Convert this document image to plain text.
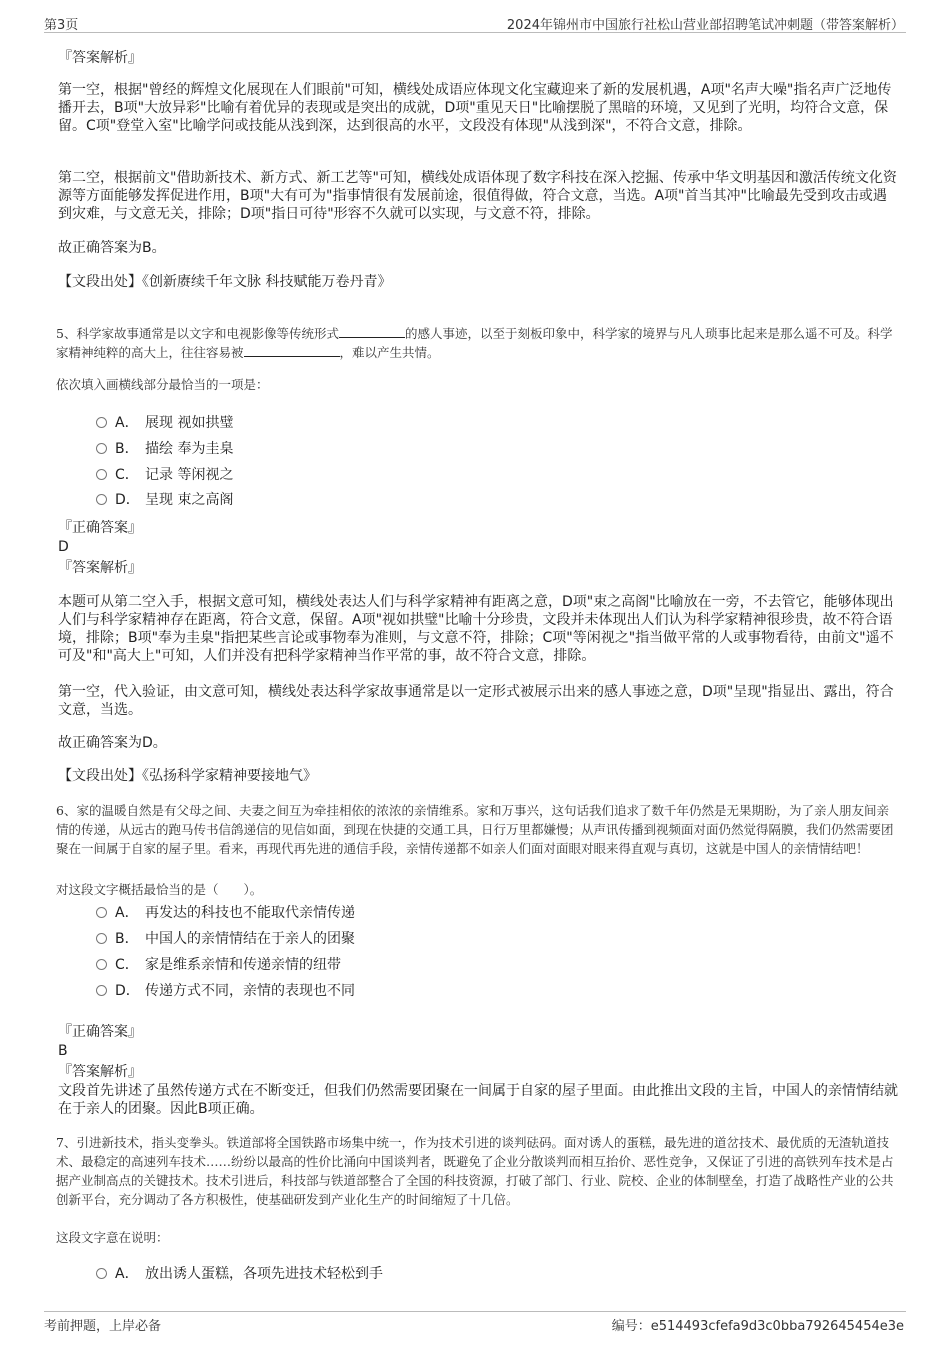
第3页	2024年锦州市中国旅行社松山营业部招聘笔试冲刺题（带答案解析）
『答案解析』

第一空，根据"曾经的辉煌文化展现在人们眼前"可知，横线处成语应体现文化宝藏迎来了新的发展机遇，A项"名声大噪"指名声广泛地传播开去，B项"大放异彩"比喻有着优异的表现或是突出的成就，D项"重见天日"比喻摆脱了黑暗的环境，又见到了光明，均符合文意，保留。C项"登堂入室"比喻学问或技能从浅到深，达到很高的水平，文段没有体现"从浅到深"，不符合文意，排除。

第二空，根据前文"借助新技术、新方式、新工艺等"可知，横线处成语体现了数字科技在深入挖掘、传承中华文明基因和激活传统文化资源等方面能够发挥促进作用，B项"大有可为"指事情很有发展前途，很值得做，符合文意，当选。A项"首当其冲"比喻最先受到攻击或遇到灾难，与文意无关，排除；D项"指日可待"形容不久就可以实现，与文意不符，排除。

故正确答案为B。
【文段出处】《创新赓续千年文脉 科技赋能万卷丹青》

5、科学家故事通常是以文字和电视影像等传统形式	的感人事迹，以至于刻板印象中，科学家的境界与凡人琐事比起来是那么遥不可及。科学家精神纯粹的高大上，往往容易被	，难以产生共情。

依次填入画横线部分最恰当的一项是：
A． 展现 视如拱璧
B． 描绘 奉为圭臬
C． 记录 等闲视之
D． 呈现 束之高阁
『正确答案』
D
『答案解析』

本题可从第二空入手，根据文意可知，横线处表达人们与科学家精神有距离之意，D项"束之高阁"比喻放在一旁，不去管它，能够体现出人们与科学家精神存在距离，符合文意，保留。A项"视如拱璧"比喻十分珍贵，文段并未体现出人们认为科学家精神很珍贵，故不符合语境，排除；B项"奉为圭臬"指把某些言论或事物奉为准则，与文意不符，排除；C项"等闲视之"指当做平常的人或事物看待，由前文"遥不可及"和"高大上"可知，人们并没有把科学家精神当作平常的事，故不符合文意，排除。

第一空，代入验证，由文意可知，横线处表达科学家故事通常是以一定形式被展示出来的感人事迹之意，D项"呈现"指显出、露出，符合文意，当选。

故正确答案为D。
【文段出处】《弘扬科学家精神要接地气》

6、家的温暖自然是有父母之间、夫妻之间互为牵挂相依的浓浓的亲情维系。家和万事兴，这句话我们追求了数千年仍然是无果期盼，为了亲人朋友间亲情的传递，从远古的跑马传书信鸽递信的见信如面，到现在快捷的交通工具，日行万里都嫌慢；从声讯传播到视频面对面仍然觉得隔膜，我们仍然需要团聚在一间属于自家的屋子里。看来，再现代再先进的通信手段，亲情传递都不如亲人们面对面眼对眼来得直观与真切，这就是中国人的亲情情结吧！

对这段文字概括最恰当的是（　　）。
A． 再发达的科技也不能取代亲情传递
B． 中国人的亲情情结在于亲人的团聚
C． 家是维系亲情和传递亲情的纽带
D． 传递方式不同，亲情的表现也不同
『正确答案』
B
『答案解析』

文段首先讲述了虽然传递方式在不断变迁，但我们仍然需要团聚在一间属于自家的屋子里面。由此推出文段的主旨，中国人的亲情情结就在于亲人的团聚。因此B项正确。

7、引进新技术，指头变拳头。铁道部将全国铁路市场集中统一，作为技术引进的谈判砝码。面对诱人的蛋糕，最先进的道岔技术、最优质的无渣轨道技术、最稳定的高速列车技术……纷纷以最高的性价比涌向中国谈判者，既避免了企业分散谈判而相互抬价、恶性竞争，又保证了引进的高铁列车技术是占据产业制高点的关键技术。技术引进后，科技部与铁道部整合了全国的科技资源，打破了部门、行业、院校、企业的体制壁垒，打造了战略性产业的公共创新平台，充分调动了各方积极性，使基础研发到产业化生产的时间缩短了十几倍。

这段文字意在说明：
A． 放出诱人蛋糕，各项先进技术轻松到手
考前押题，上岸必备	编号：e514493cfefa9d3c0bba792645454e3e
